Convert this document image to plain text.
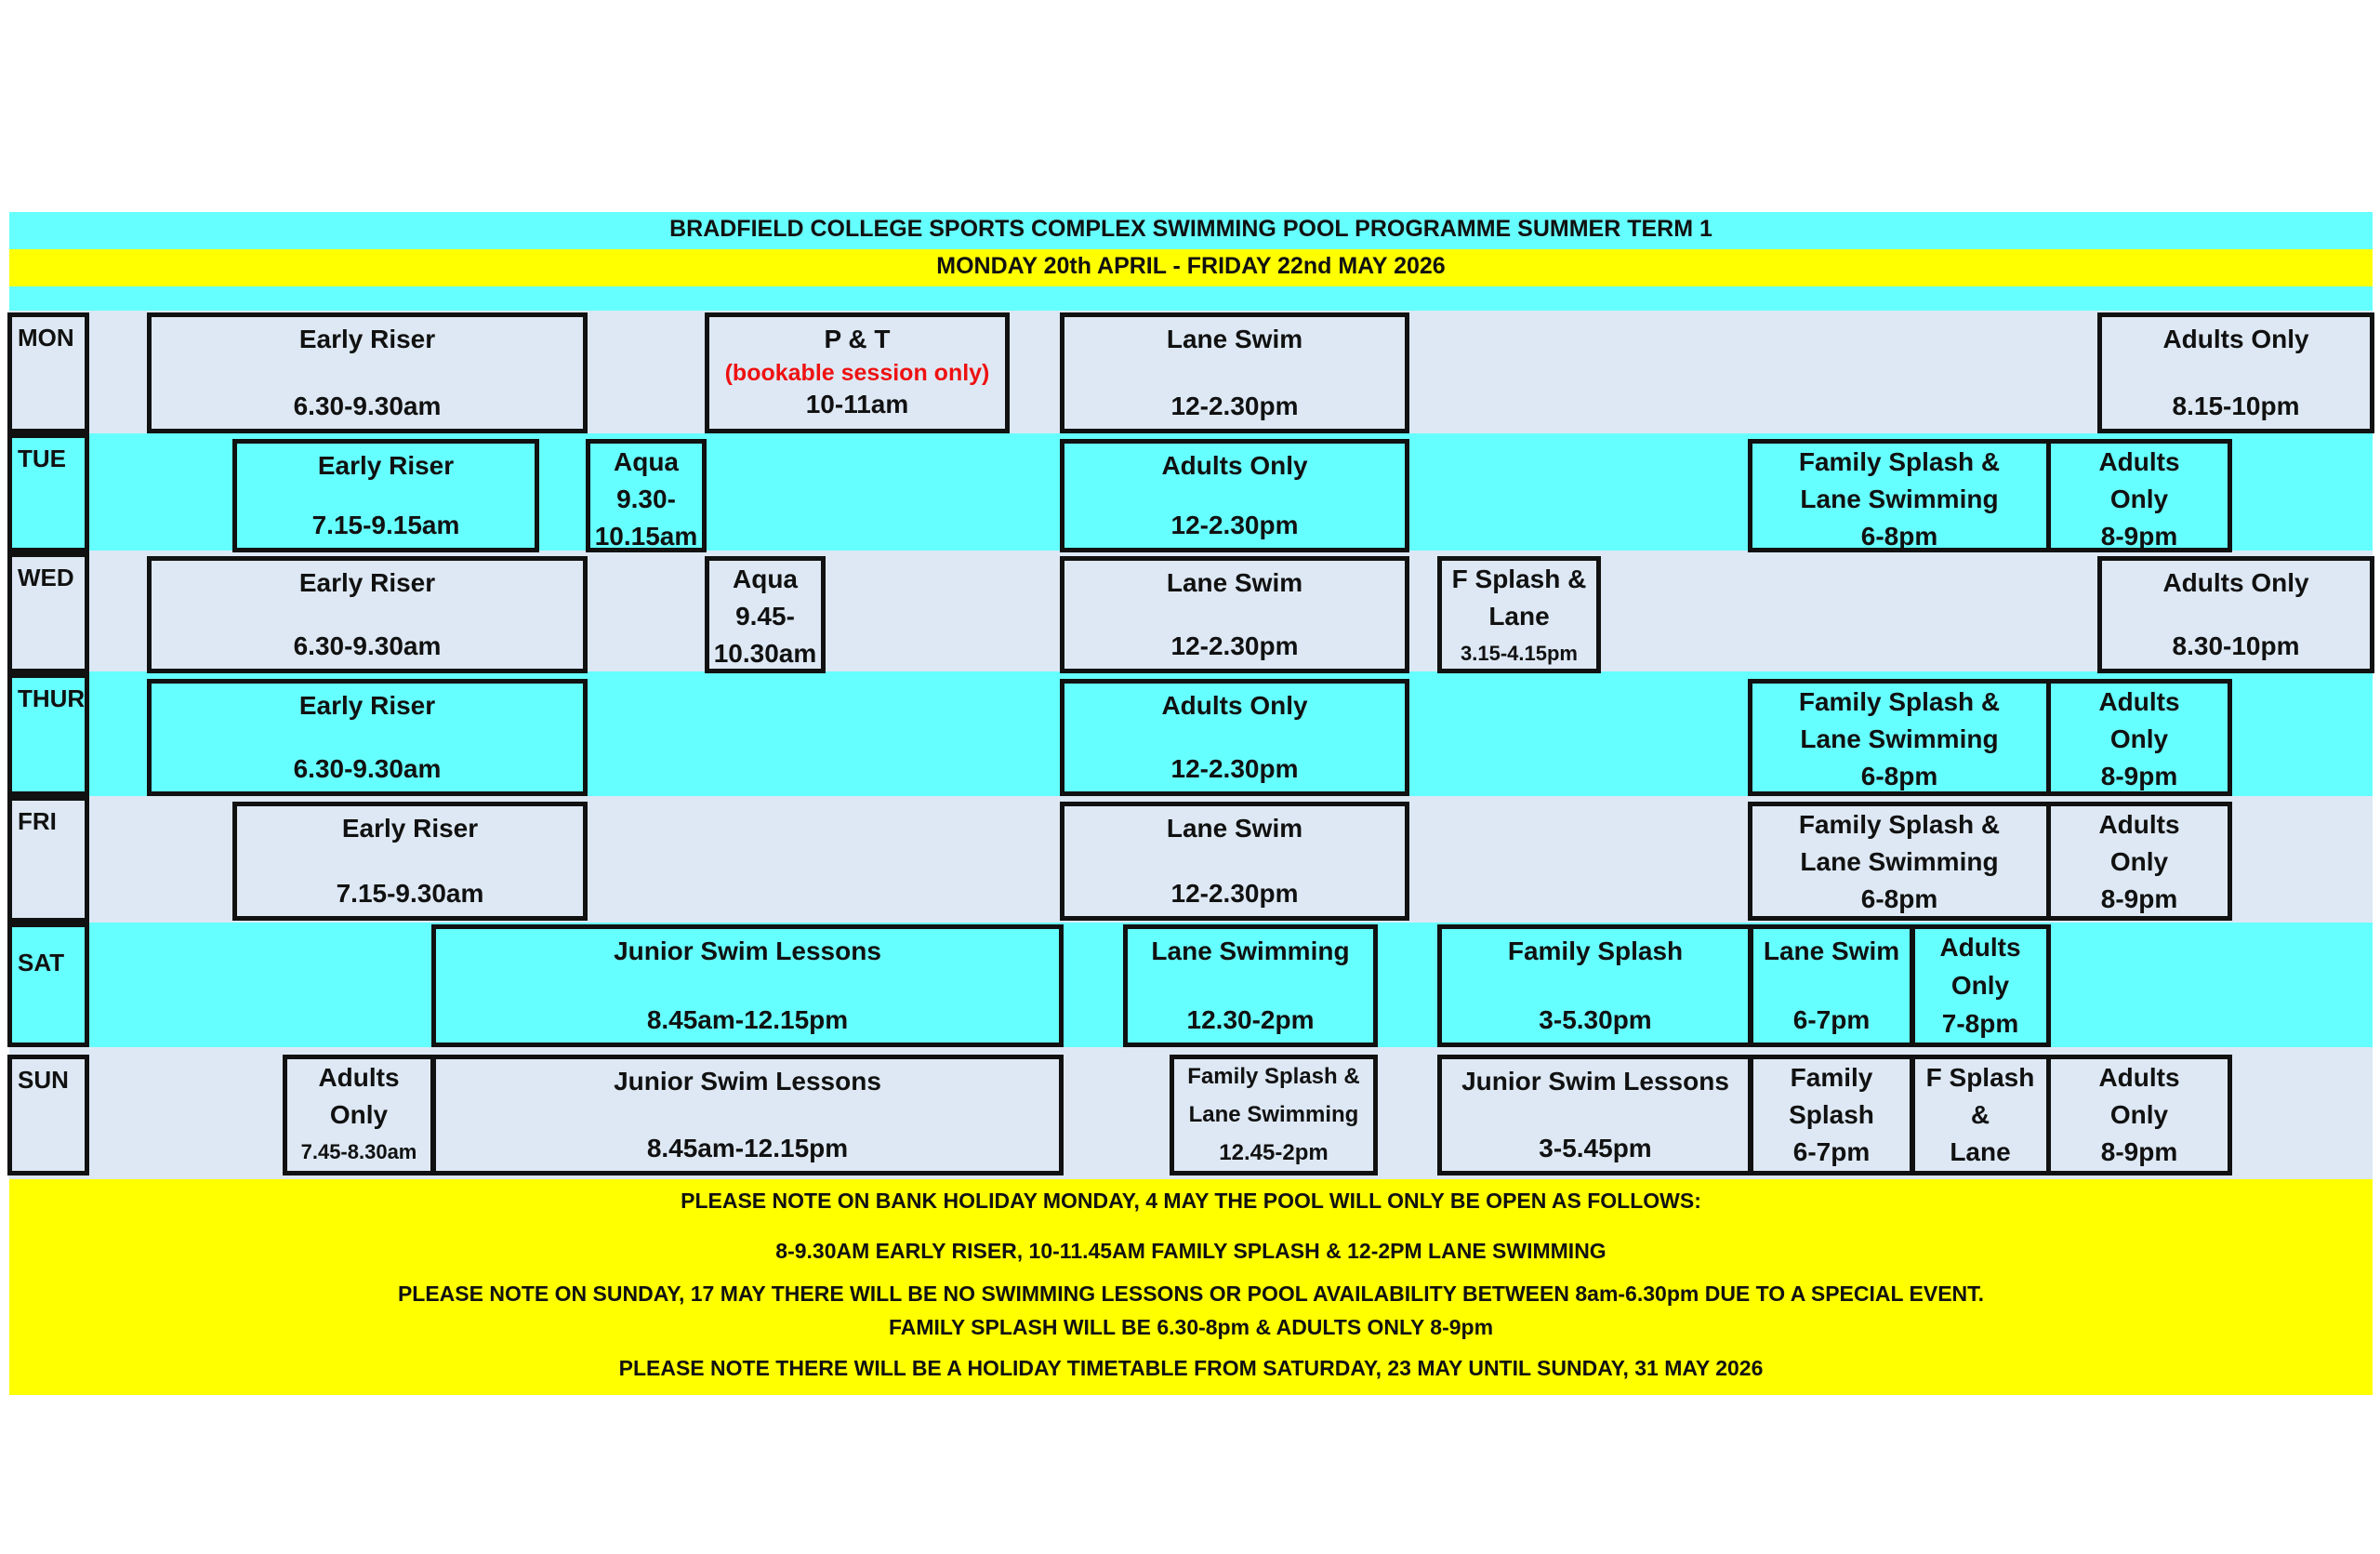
BRADFIELD COLLEGE SPORTS COMPLEX SWIMMING POOL PROGRAMME SUMMER TERM 1
MONDAY 20th APRIL - FRIDAY 22nd MAY 2026
MON
TUE
WED
THUR
FRI
SAT
SUN
Early Riser
6.30-9.30am
P & T
(bookable session only)
10-11am
Lane Swim
12-2.30pm
Adults Only
8.15-10pm
Early Riser
7.15-9.15am
Aqua
9.30-
10.15am
Adults Only
12-2.30pm
Family Splash &
Lane Swimming
6-8pm
Adults
Only
8-9pm
Early Riser
6.30-9.30am
Aqua
9.45-
10.30am
Lane Swim
12-2.30pm
F Splash &
Lane
3.15-4.15pm
Adults Only
8.30-10pm
Early Riser
6.30-9.30am
Adults Only
12-2.30pm
Family Splash &
Lane Swimming
6-8pm
Adults
Only
8-9pm
Early Riser
7.15-9.30am
Lane Swim
12-2.30pm
Family Splash &
Lane Swimming
6-8pm
Adults
Only
8-9pm
Junior Swim Lessons
8.45am-12.15pm
Lane Swimming
12.30-2pm
Family Splash
3-5.30pm
Lane Swim
6-7pm
Adults
Only
7-8pm
Adults
Only
7.45-8.30am
Junior Swim Lessons
8.45am-12.15pm
Family Splash &
Lane Swimming
12.45-2pm
Junior Swim Lessons
3-5.45pm
Family
Splash
6-7pm
F Splash &
Lane
Adults
Only
8-9pm
PLEASE NOTE ON BANK HOLIDAY MONDAY, 4 MAY THE POOL WILL ONLY BE OPEN AS FOLLOWS:
8-9.30AM EARLY RISER, 10-11.45AM FAMILY SPLASH & 12-2PM LANE SWIMMING
PLEASE NOTE ON SUNDAY, 17 MAY THERE WILL BE NO SWIMMING LESSONS OR POOL AVAILABILITY BETWEEN 8am-6.30pm DUE TO A SPECIAL EVENT.
FAMILY SPLASH WILL BE 6.30-8pm & ADULTS ONLY 8-9pm
PLEASE NOTE THERE WILL BE A HOLIDAY TIMETABLE FROM SATURDAY, 23 MAY UNTIL SUNDAY, 31 MAY 2026
